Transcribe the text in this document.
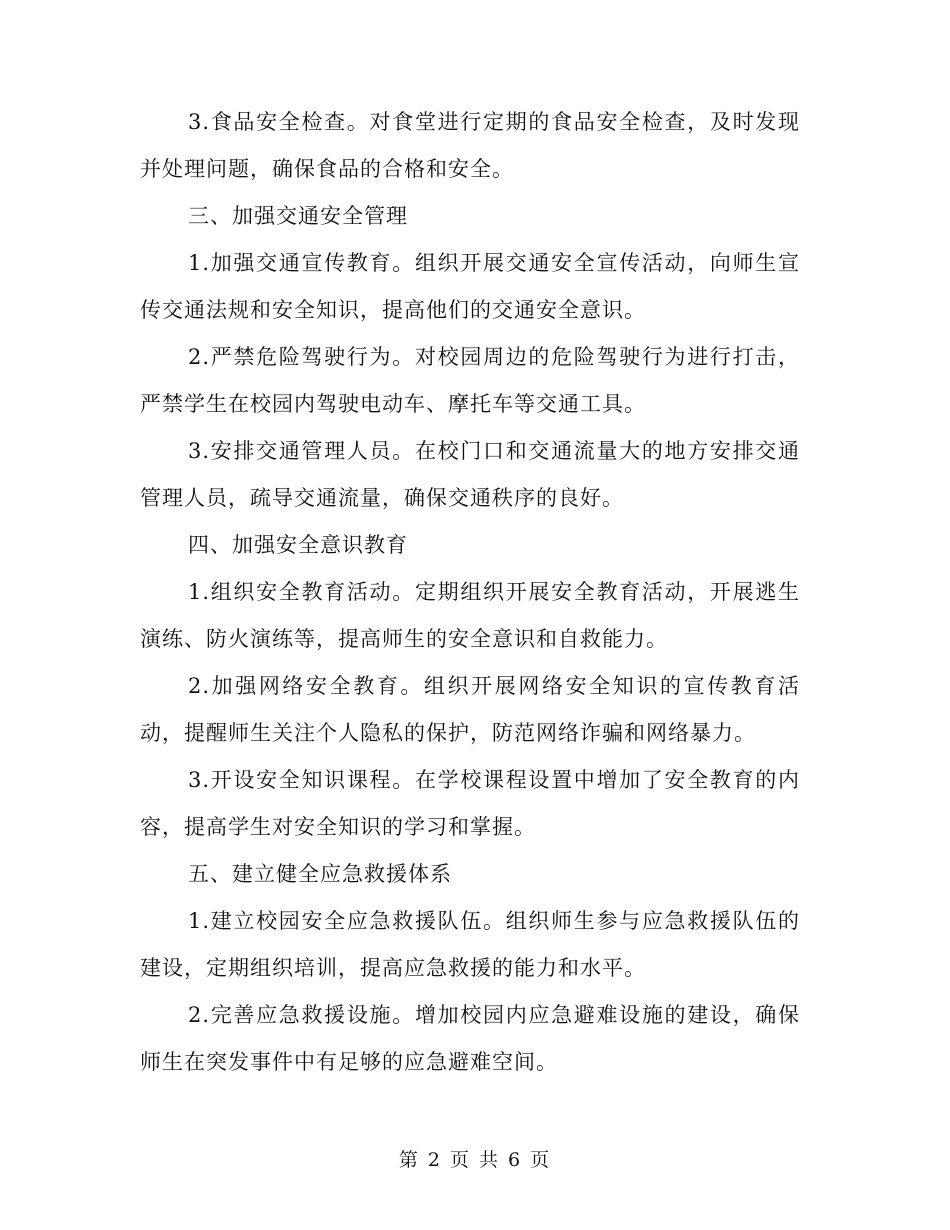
3.食品安全检查。对食堂进行定期的食品安全检查，及时发现并处理问题，确保食品的合格和安全。

三、加强交通安全管理

1.加强交通宣传教育。组织开展交通安全宣传活动，向师生宣传交通法规和安全知识，提高他们的交通安全意识。

2.严禁危险驾驶行为。对校园周边的危险驾驶行为进行打击，严禁学生在校园内驾驶电动车、摩托车等交通工具。

3.安排交通管理人员。在校门口和交通流量大的地方安排交通管理人员，疏导交通流量，确保交通秩序的良好。

四、加强安全意识教育

1.组织安全教育活动。定期组织开展安全教育活动，开展逃生演练、防火演练等，提高师生的安全意识和自救能力。

2.加强网络安全教育。组织开展网络安全知识的宣传教育活动，提醒师生关注个人隐私的保护，防范网络诈骗和网络暴力。

3.开设安全知识课程。在学校课程设置中增加了安全教育的内容，提高学生对安全知识的学习和掌握。

五、建立健全应急救援体系

1.建立校园安全应急救援队伍。组织师生参与应急救援队伍的建设，定期组织培训，提高应急救援的能力和水平。

2.完善应急救援设施。增加校园内应急避难设施的建设，确保师生在突发事件中有足够的应急避难空间。

第 2 页 共 6 页
